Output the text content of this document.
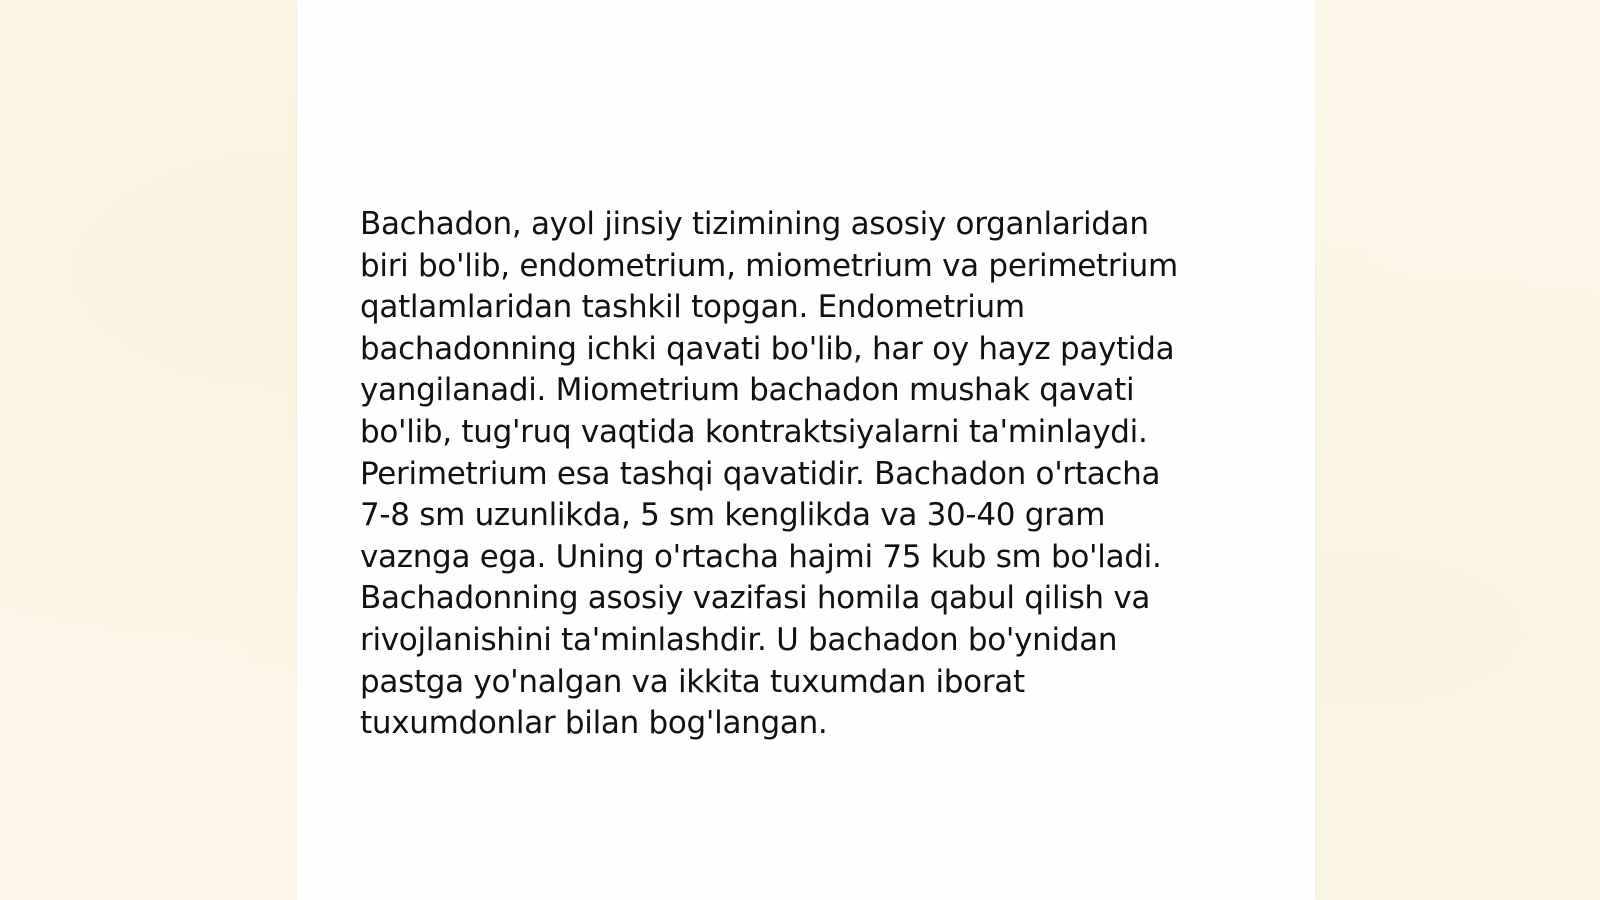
Bachadon, ayol jinsiy tizimining asosiy organlaridan
biri bo'lib, endometrium, miometrium va perimetrium
qatlamlaridan tashkil topgan. Endometrium
bachadonning ichki qavati bo'lib, har oy hayz paytida
yangilanadi. Miometrium bachadon mushak qavati
bo'lib, tug'ruq vaqtida kontraktsiyalarni ta'minlaydi.
Perimetrium esa tashqi qavatidir. Bachadon o'rtacha
7-8 sm uzunlikda, 5 sm kenglikda va 30-40 gram
vaznga ega. Uning o'rtacha hajmi 75 kub sm bo'ladi.
Bachadonning asosiy vazifasi homila qabul qilish va
rivojlanishini ta'minlashdir. U bachadon bo'ynidan
pastga yo'nalgan va ikkita tuxumdan iborat
tuxumdonlar bilan bog'langan.
